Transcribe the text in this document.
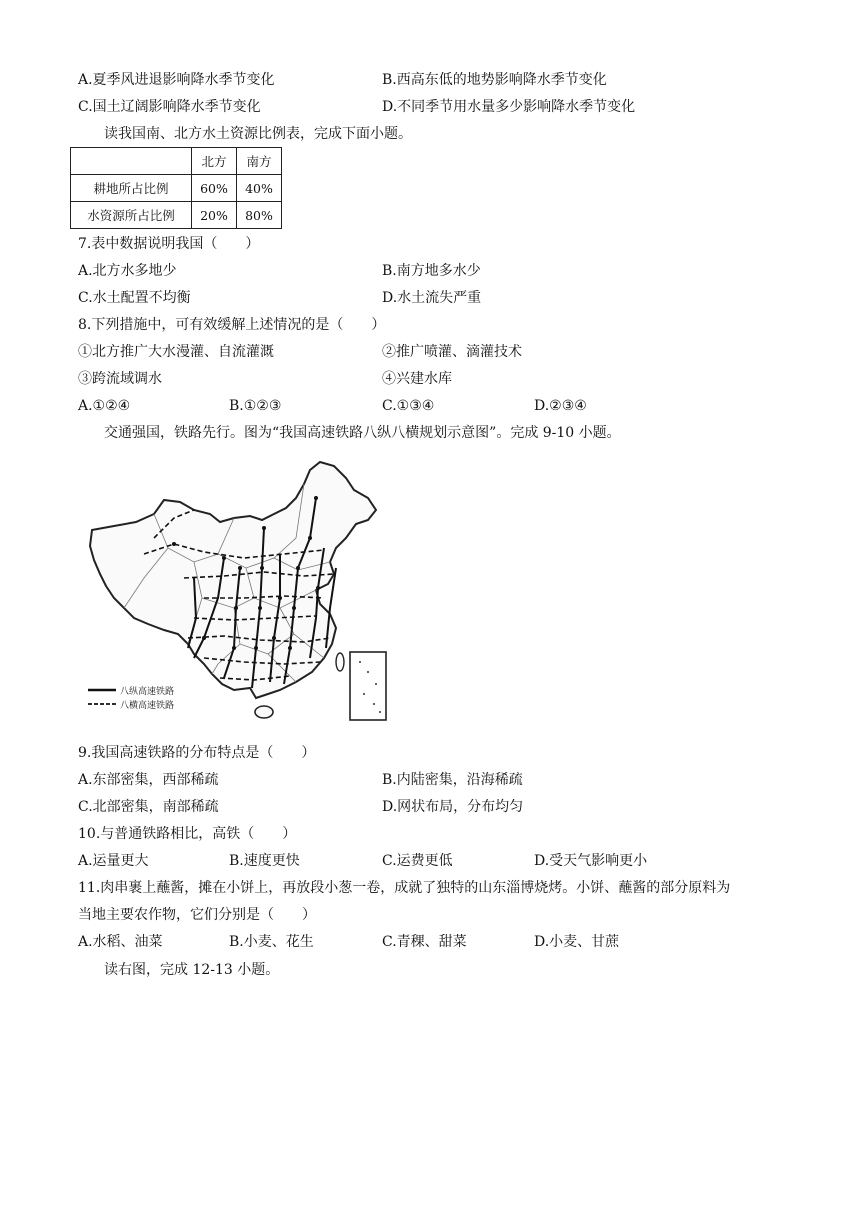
A.夏季风进退影响降水季节变化	B.西高东低的地势影响降水季节变化
C.国土辽阔影响降水季节变化	D.不同季节用水量多少影响降水季节变化
读我国南、北方水土资源比例表，完成下面小题。
	北方	南方
耕地所占比例	60%	40%
水资源所占比例	20%	80%
7.表中数据说明我国（　　）
A.北方水多地少	B.南方地多水少
C.水土配置不均衡	D.水土流失严重
8.下列措施中，可有效缓解上述情况的是（　　）
①北方推广大水漫灌、自流灌溉	②推广喷灌、滴灌技术
③跨流域调水	④兴建水库
A.①②④	B.①②③	C.①③④	D.②③④
交通强国，铁路先行。图为“我国高速铁路八纵八横规划示意图”。完成 9-10 小题。
八纵高速铁路
八横高速铁路
9.我国高速铁路的分布特点是（　　）
A.东部密集，西部稀疏	B.内陆密集，沿海稀疏
C.北部密集，南部稀疏	D.网状布局，分布均匀
10.与普通铁路相比，高铁（　　）
A.运量更大	B.速度更快	C.运费更低	D.受天气影响更小
11.肉串裹上蘸酱，摊在小饼上，再放段小葱一卷，成就了独特的山东淄博烧烤。小饼、蘸酱的部分原料为
当地主要农作物，它们分别是（　　）
A.水稻、油菜	B.小麦、花生	C.青稞、甜菜	D.小麦、甘蔗
读右图，完成 12-13 小题。
